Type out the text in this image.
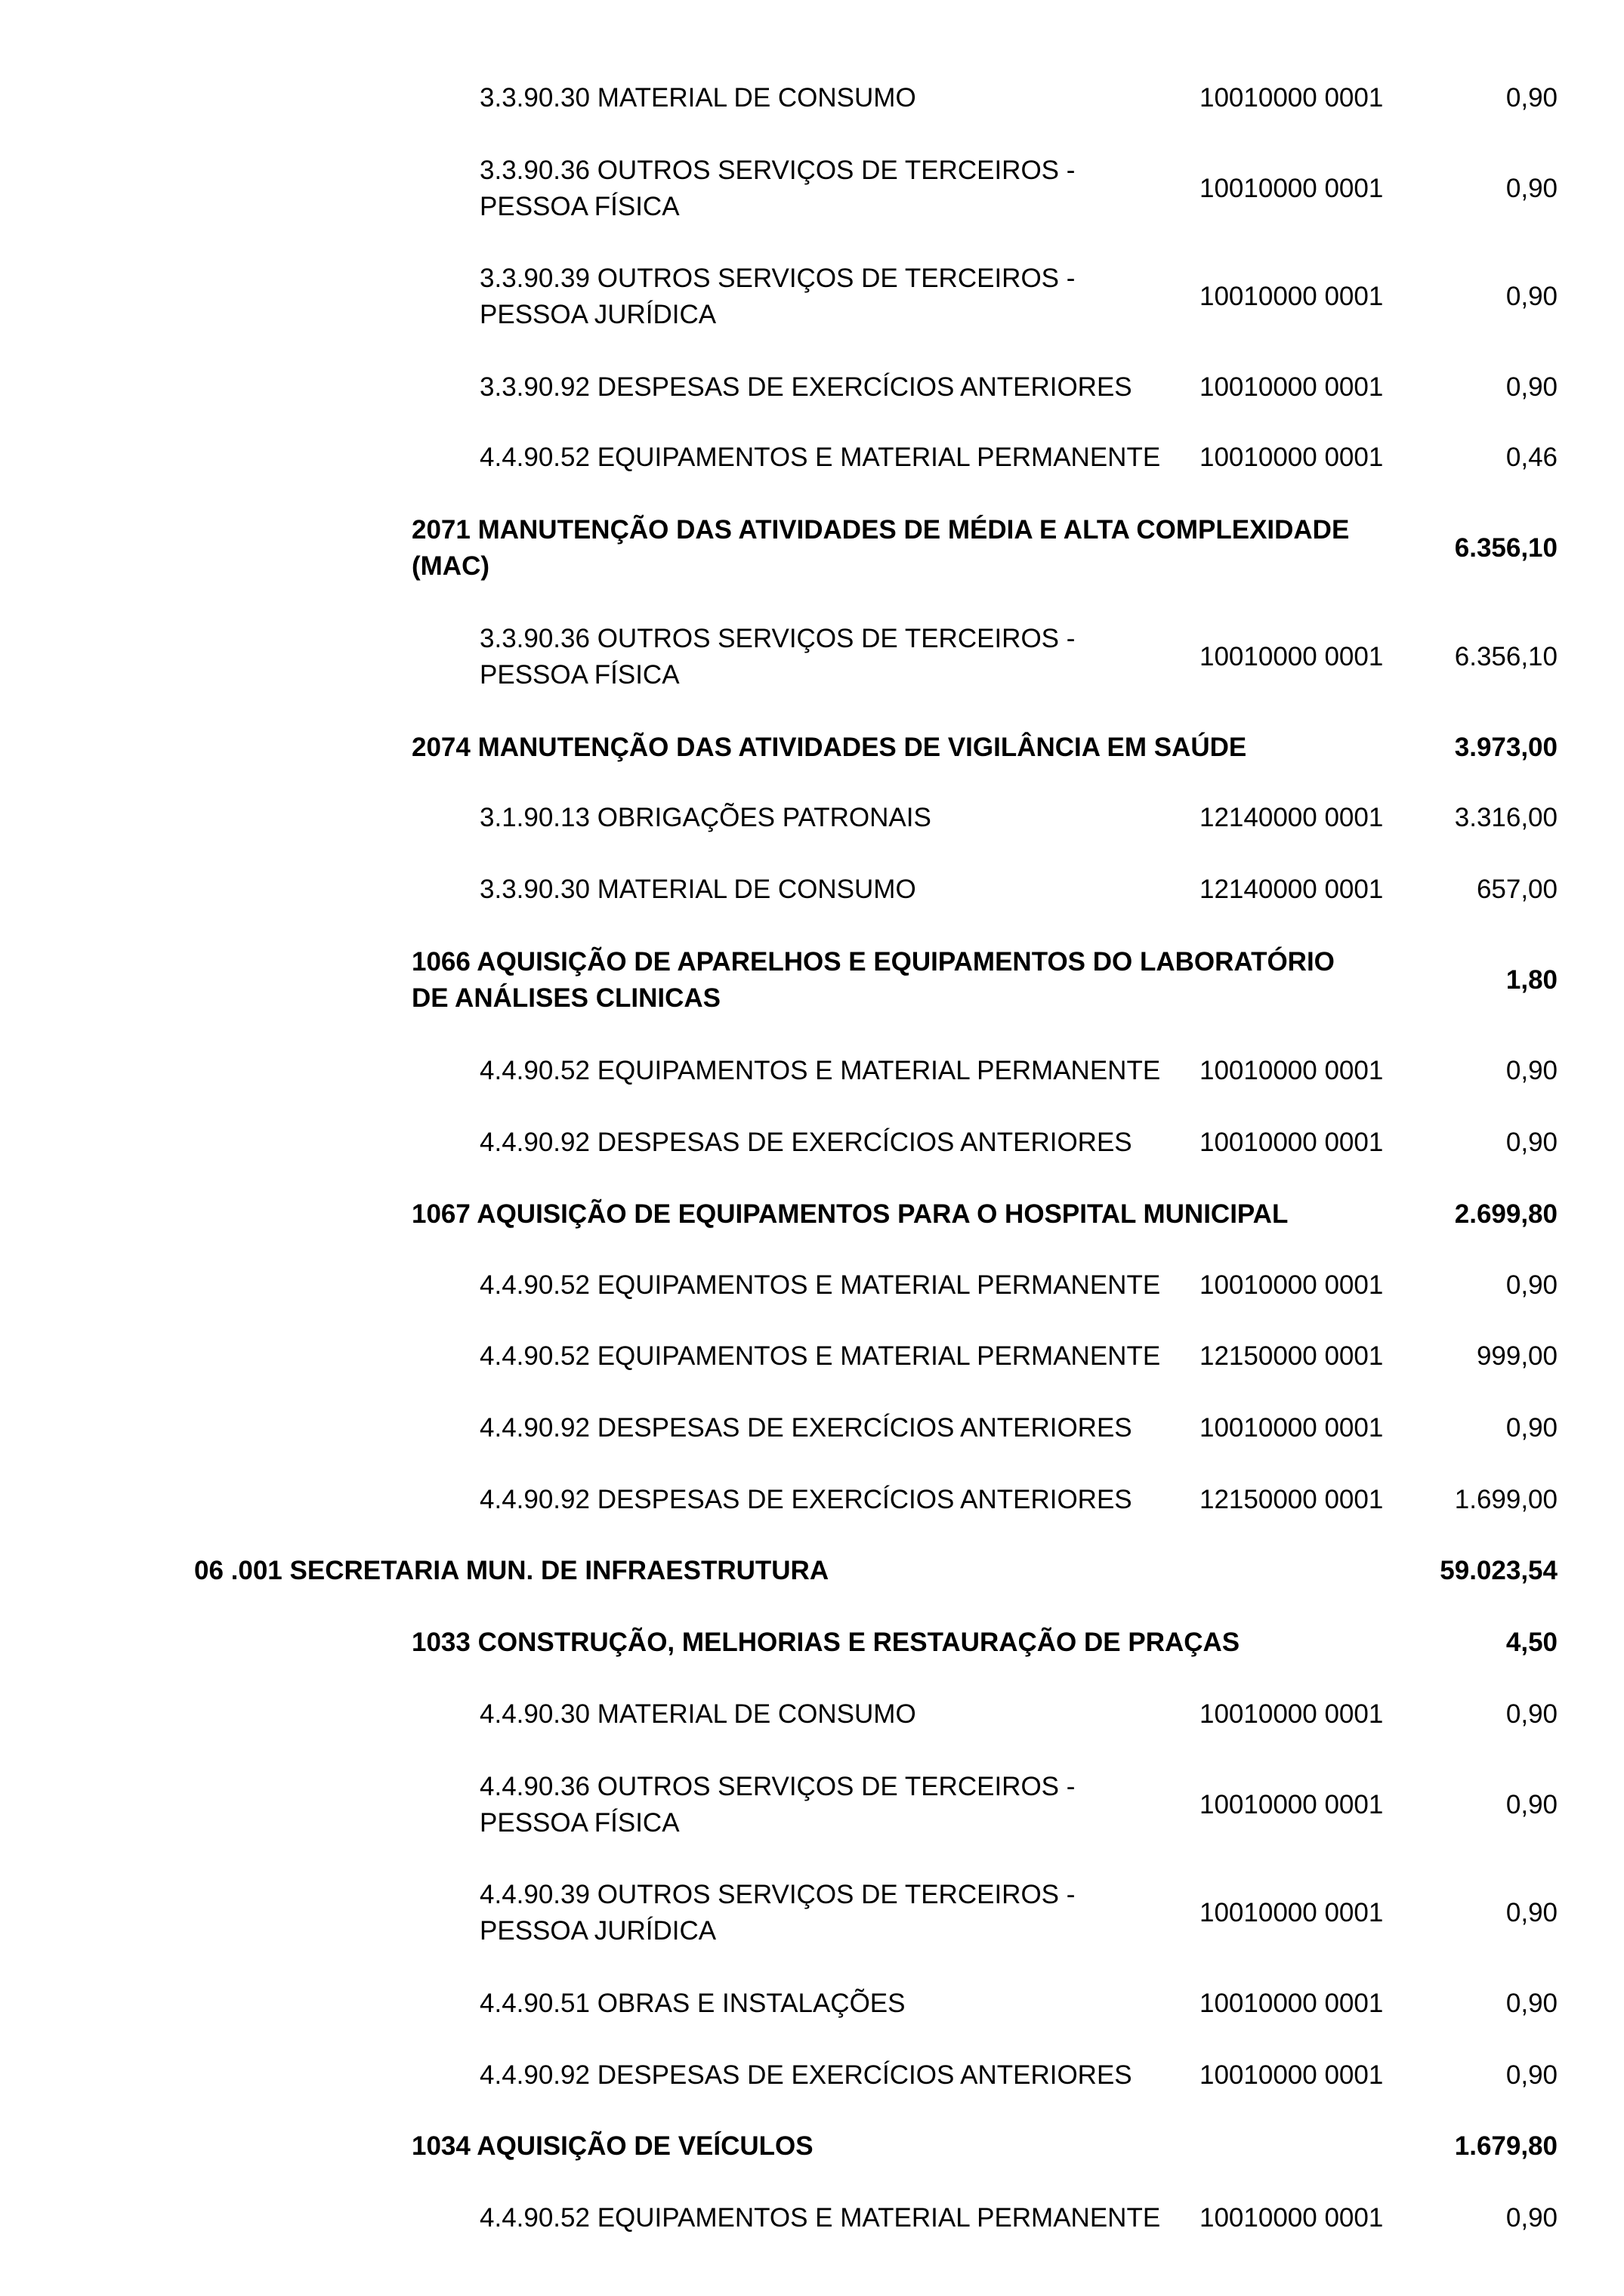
3.3.90.30 MATERIAL DE CONSUMO	10010000 0001	0,90
3.3.90.36 OUTROS SERVIÇOS DE TERCEIROS -
PESSOA FÍSICA
10010000 0001	0,90
3.3.90.39 OUTROS SERVIÇOS DE TERCEIROS -
PESSOA JURÍDICA
10010000 0001	0,90
3.3.90.92 DESPESAS DE EXERCÍCIOS ANTERIORES	10010000 0001	0,90
4.4.90.52 EQUIPAMENTOS E MATERIAL PERMANENTE	10010000 0001	0,46
2071 MANUTENÇÃO DAS ATIVIDADES DE MÉDIA E ALTA COMPLEXIDADE
(MAC)
6.356,10
3.3.90.36 OUTROS SERVIÇOS DE TERCEIROS -
PESSOA FÍSICA
10010000 0001	6.356,10
2074 MANUTENÇÃO DAS ATIVIDADES DE VIGILÂNCIA EM SAÚDE	3.973,00
3.1.90.13 OBRIGAÇÕES PATRONAIS	12140000 0001	3.316,00
3.3.90.30 MATERIAL DE CONSUMO	12140000 0001	657,00
1066 AQUISIÇÃO DE APARELHOS E EQUIPAMENTOS DO LABORATÓRIO
DE ANÁLISES CLINICAS
1,80
4.4.90.52 EQUIPAMENTOS E MATERIAL PERMANENTE	10010000 0001	0,90
4.4.90.92 DESPESAS DE EXERCÍCIOS ANTERIORES	10010000 0001	0,90
1067 AQUISIÇÃO DE EQUIPAMENTOS PARA O HOSPITAL MUNICIPAL	2.699,80
4.4.90.52 EQUIPAMENTOS E MATERIAL PERMANENTE	10010000 0001	0,90
4.4.90.52 EQUIPAMENTOS E MATERIAL PERMANENTE	12150000 0001	999,00
4.4.90.92 DESPESAS DE EXERCÍCIOS ANTERIORES	10010000 0001	0,90
4.4.90.92 DESPESAS DE EXERCÍCIOS ANTERIORES	12150000 0001	1.699,00
06 .001 SECRETARIA MUN. DE INFRAESTRUTURA	59.023,54
1033 CONSTRUÇÃO, MELHORIAS E RESTAURAÇÃO DE PRAÇAS	4,50
4.4.90.30 MATERIAL DE CONSUMO	10010000 0001	0,90
4.4.90.36 OUTROS SERVIÇOS DE TERCEIROS -
PESSOA FÍSICA
10010000 0001	0,90
4.4.90.39 OUTROS SERVIÇOS DE TERCEIROS -
PESSOA JURÍDICA
10010000 0001	0,90
4.4.90.51 OBRAS E INSTALAÇÕES	10010000 0001	0,90
4.4.90.92 DESPESAS DE EXERCÍCIOS ANTERIORES	10010000 0001	0,90
1034 AQUISIÇÃO DE VEÍCULOS	1.679,80
4.4.90.52 EQUIPAMENTOS E MATERIAL PERMANENTE	10010000 0001	0,90
